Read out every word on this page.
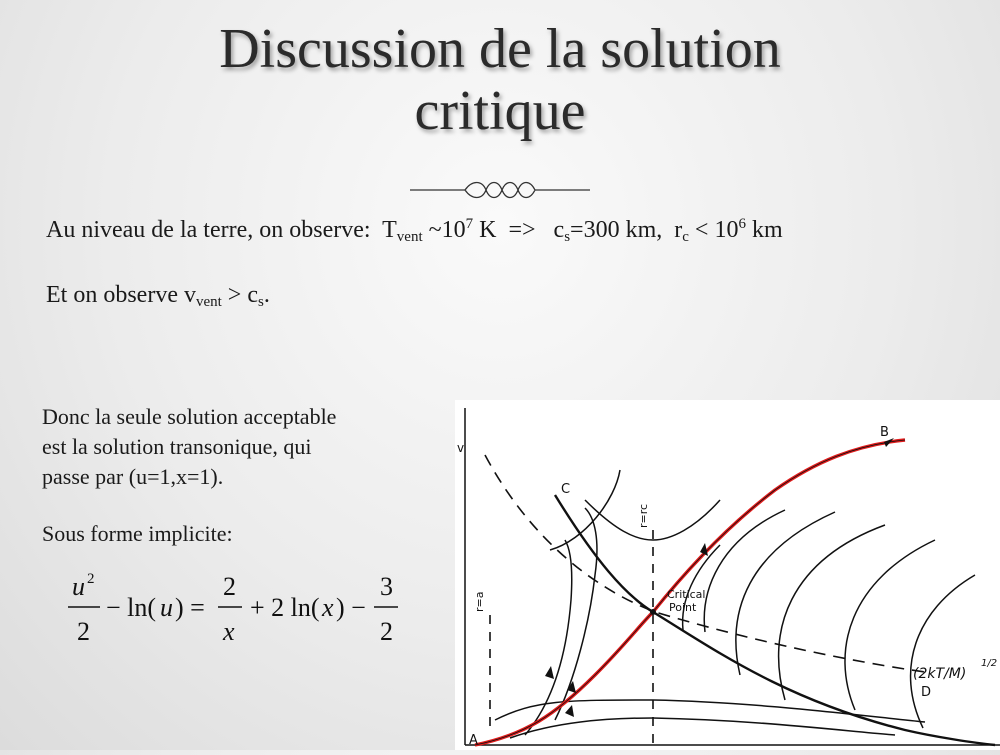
Discussion de la solution
critique
Au niveau de la terre, on observe: $T_{vent}$ $\sim 10^7$ $K => c_s=300$ km, $r_c < 10^6$ km
Et on observe $v_{vent} > c_s$.
Donc la seule solution acceptable
est la solution transonique, qui
passe par (u=1,x=1).
Sous forme implicite:
u 2
2
− ln( u ) =
2
x
+ 2 ln( x ) −
3
2
v
r=a
r=rc
(2kT/M)
1/2
Critical
Point
A
B
C
D
